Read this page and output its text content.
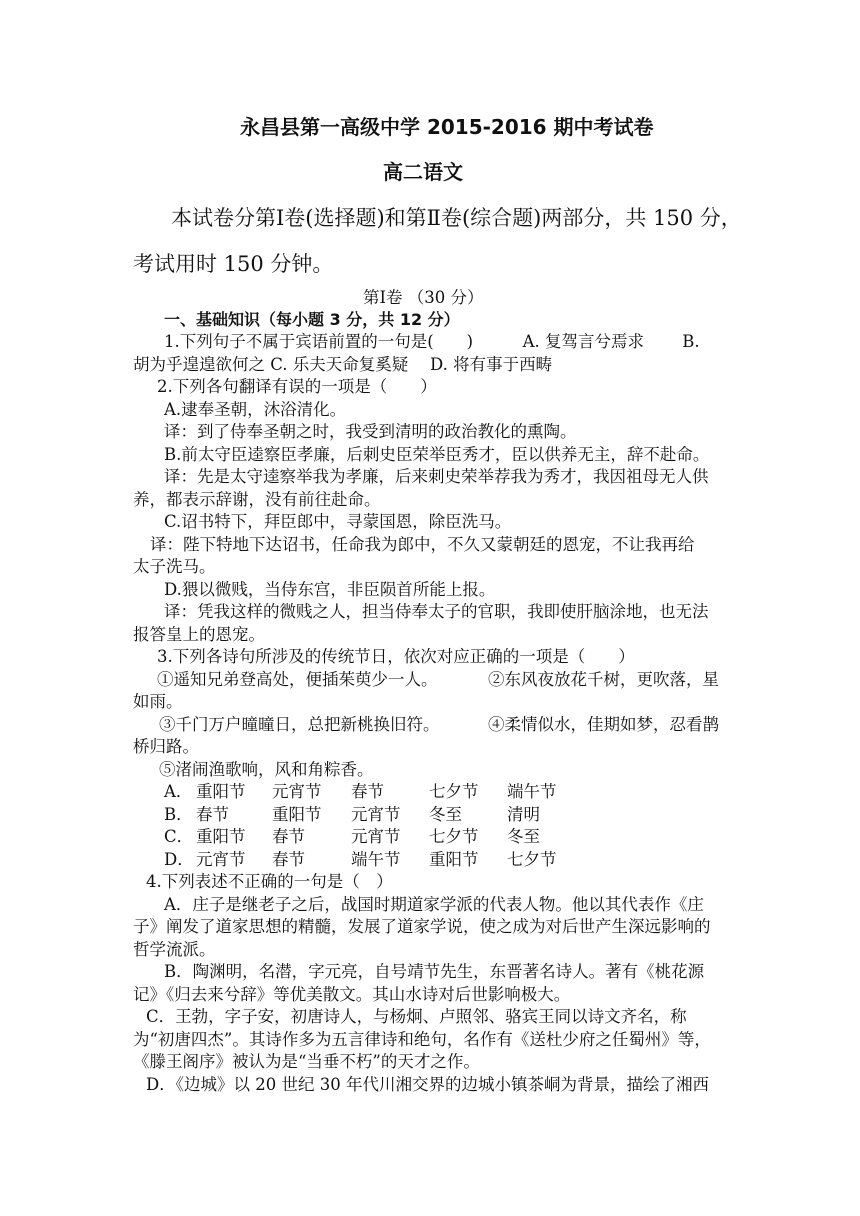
永昌县第一高级中学 2015-2016 期中考试卷
高二语文
本试卷分第Ⅰ卷(选择题)和第Ⅱ卷(综合题)两部分，共 150 分，
考试用时 150 分钟。
第Ⅰ卷 （30 分）
一、基础知识（每小题 3 分，共 12 分）
1.下列句子不属于宾语前置的一句是(　　)　　　A. 复驾言兮焉求　　 B.
胡为乎遑遑欲何之 C. 乐夫天命复奚疑　 D. 将有事于西畴
2.下列各句翻译有误的一项是（　　）
A.逮奉圣朝，沐浴清化。
译：到了侍奉圣朝之时，我受到清明的政治教化的熏陶。
B.前太守臣逵察臣孝廉，后刺史臣荣举臣秀才，臣以供养无主，辞不赴命。
译：先是太守逵察举我为孝廉，后来刺史荣举荐我为秀才，我因祖母无人供
养，都表示辞谢，没有前往赴命。
C.诏书特下，拜臣郎中，寻蒙国恩，除臣洗马。
译：陛下特地下达诏书，任命我为郎中，不久又蒙朝廷的恩宠，不让我再给
太子洗马。
D.猥以微贱，当侍东宫，非臣陨首所能上报。
译：凭我这样的微贱之人，担当侍奉太子的官职，我即使肝脑涂地，也无法
报答皇上的恩宠。
3.下列各诗句所涉及的传统节日，依次对应正确的一项是（　　）
①遥知兄弟登高处，便插茱萸少一人。	②东风夜放花千树，更吹落，星
如雨。
③千门万户曈曈日，总把新桃换旧符。	④柔情似水，佳期如梦，忍看鹊
桥归路。
⑤渚闹渔歌响，风和角粽香。
A． 重阳节 元宵节 春节	七夕节 端午节
B． 春节	重阳节 元宵节 冬至	清明
C． 重阳节 春节	元宵节 七夕节 冬至
D． 元宵节 春节	端午节 重阳节 七夕节
4.下列表述不正确的一句是（　）
A．庄子是继老子之后，战国时期道家学派的代表人物。他以其代表作《庄
子》阐发了道家思想的精髓，发展了道家学说，使之成为对后世产生深远影响的
哲学流派。
B．陶渊明，名潜，字元亮，自号靖节先生，东晋著名诗人。著有《桃花源
记》《归去来兮辞》等优美散文。其山水诗对后世影响极大。
C．王勃，字子安，初唐诗人，与杨炯、卢照邻、骆宾王同以诗文齐名，称
为“初唐四杰”。其诗作多为五言律诗和绝句，名作有《送杜少府之任蜀州》等，
《滕王阁序》被认为是“当垂不朽”的天才之作。
D．《边城》以 20 世纪 30 年代川湘交界的边城小镇茶峒为背景，描绘了湘西
